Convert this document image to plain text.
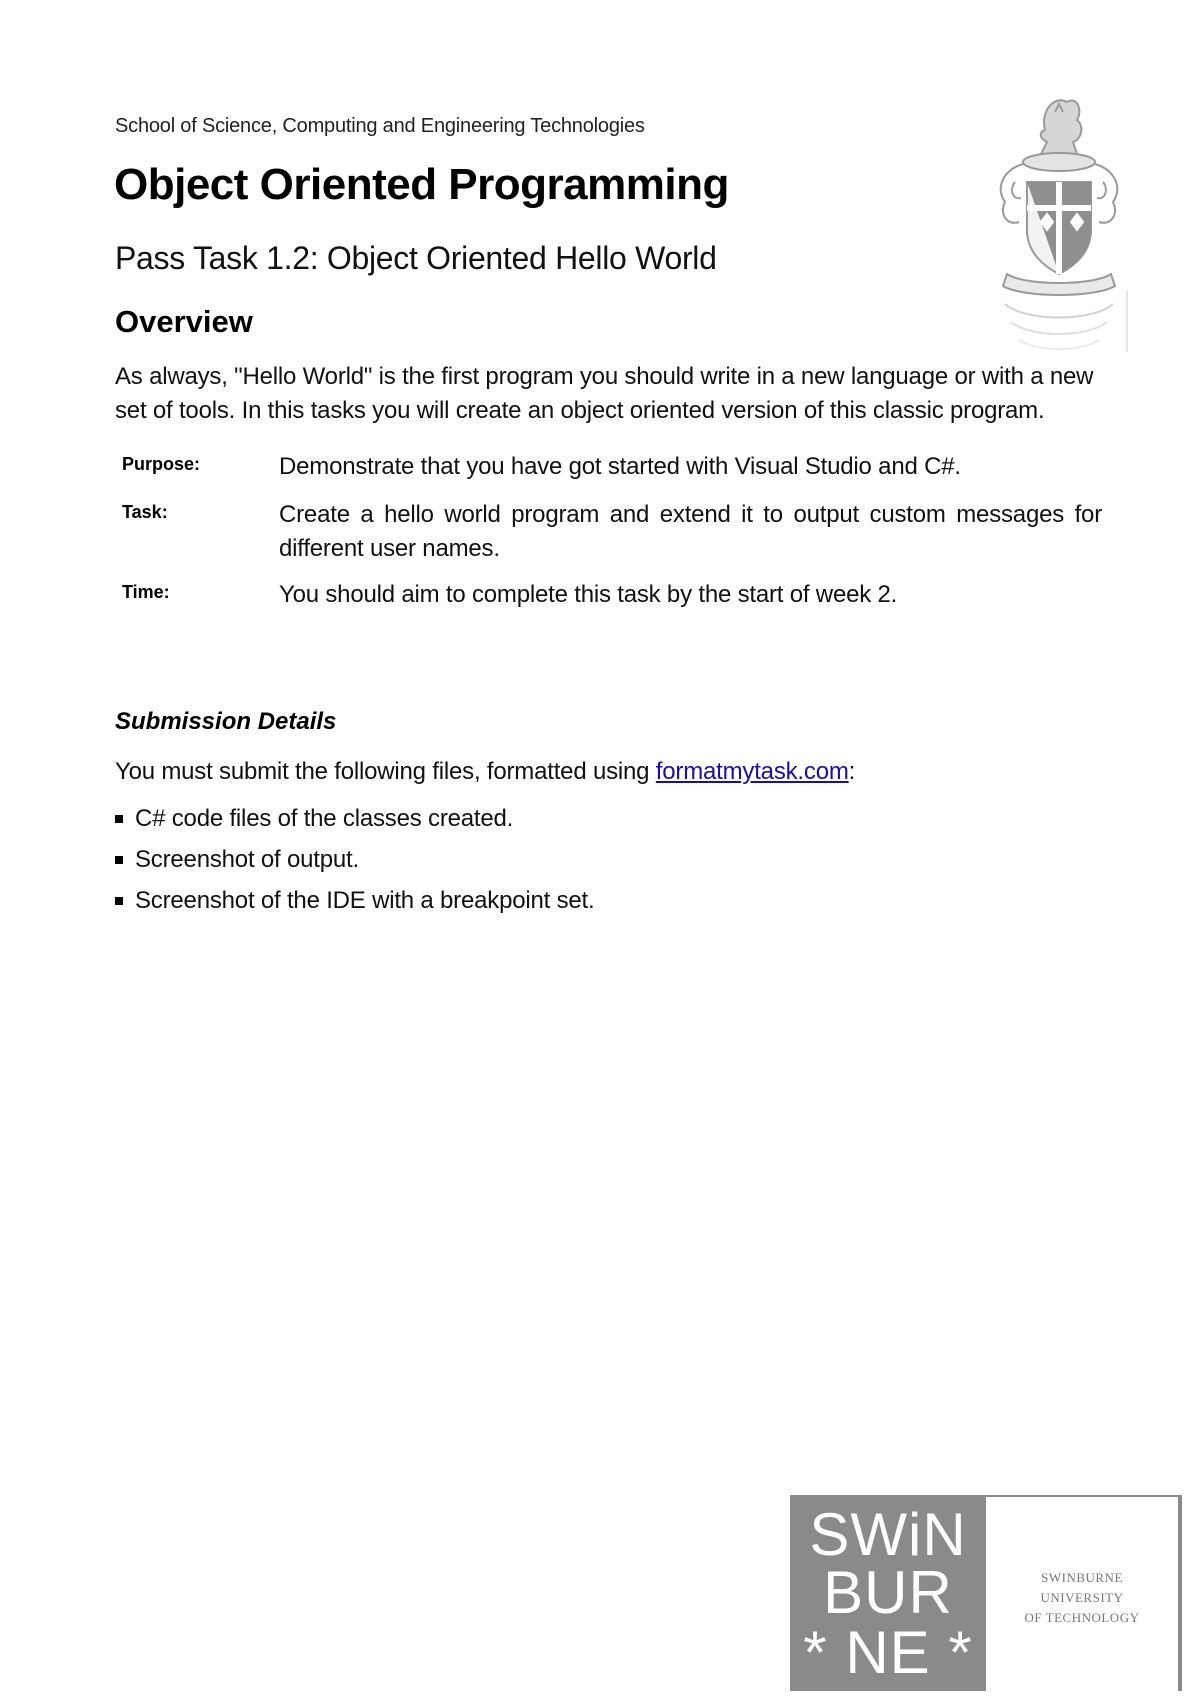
School of Science, Computing and Engineering Technologies
Object Oriented Programming
Pass Task 1.2: Object Oriented Hello World
Overview
As always, "Hello World" is the first program you should write in a new language or with a new set of tools. In this tasks you will create an object oriented version of this classic program.
Purpose:	Demonstrate that you have got started with Visual Studio and C#.
Task:	Create a hello world program and extend it to output custom messages for different user names.
Time:	You should aim to complete this task by the start of week 2.
Submission Details
You must submit the following files, formatted using formatmytask.com:
C# code files of the classes created.
Screenshot of output.
Screenshot of the IDE with a breakpoint set.
SWiN
BUR
* NE *
SWINBURNE UNIVERSITY
OF TECHNOLOGY
